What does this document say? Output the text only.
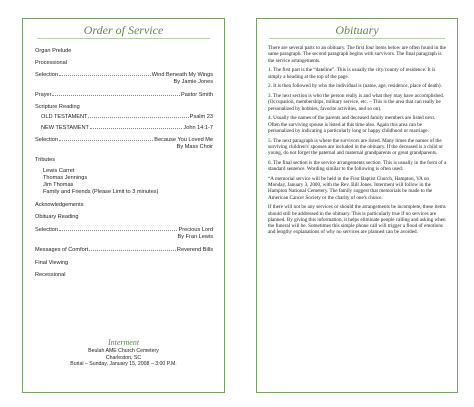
Order of Service
Organ Prelude
Processional
Selection	Wind Beneath My Wings
By Jamie Jones
Prayer	Pastor Smith
Scripture Reading
OLD TESTAMENT	Psalm 23
NEW TESTAMENT	John 14:1-7
Selection	Because You Loved Me
By Mass Choir
Tributes
Lewis Carret
Thomas Jennings
Jim Thomas
Family and Friends (Please Limit to 3 minutes)
Acknowledgements
Obituary Reading
Selection	Precious Lord
By Fran Lewis
Messages of Comfort	Reverend Bills
Final Viewing
Recessional
Interment
Beulah AME Church Cemetery
Charleston, SC
Burial – Sunday, January 15, 2008 – 3:00 P.M.
Obituary

There are several parts to an obituary. The first four items below are often found in the same paragraph. The second paragraph begins with survivors. The final paragraph is the service arrangements.

1. The first part is the “dateline”. This is usually the city/county of residence. It is simply a heading at the top of the page.

2. It is then followed by who the individual is (name, age, residence, place of death).

3. The next section is who the person really is and what they may have accomplished. (Occupation, memberships, military service, etc. – This is the area that can really be personalized by hobbies, favorite activities, and so on).

4. Usually the names of the parents and deceased family members are listed next. Often the surviving spouse is listed at this time also. Again this area can be personalized by indicating a particularly long or happy childhood or marriage.

5. The next paragraph is where the survivors are listed. Many times the names of the surviving children's' spouses are included in the obituary. If the deceased is a child or young, do not forget the paternal and maternal grandparents or great grandparents.

6. The final section is the service arrangements section. This is usually in the form of a standard sentence. Wording similar to the following is often used:

“A memorial service will be held in the First Baptist Church, Hampton, VA on Monday, January 3, 2000, with the Rev. Bill Jones. Interment will follow in the Hampton National Cemetery. The family suggest that memorials be made to the American Cancer Society or the charity of one's choice.

If there will not be any services or should the arrangements be incomplete, these items should still be addressed in the obituary. This is particularly true if no services are planned. By giving this information, it helps eliminate people calling and asking when the funeral will be. Sometimes this simple phone call will trigger a flood of emotions and lengthy explanations of why no services are planned can be avoided.
